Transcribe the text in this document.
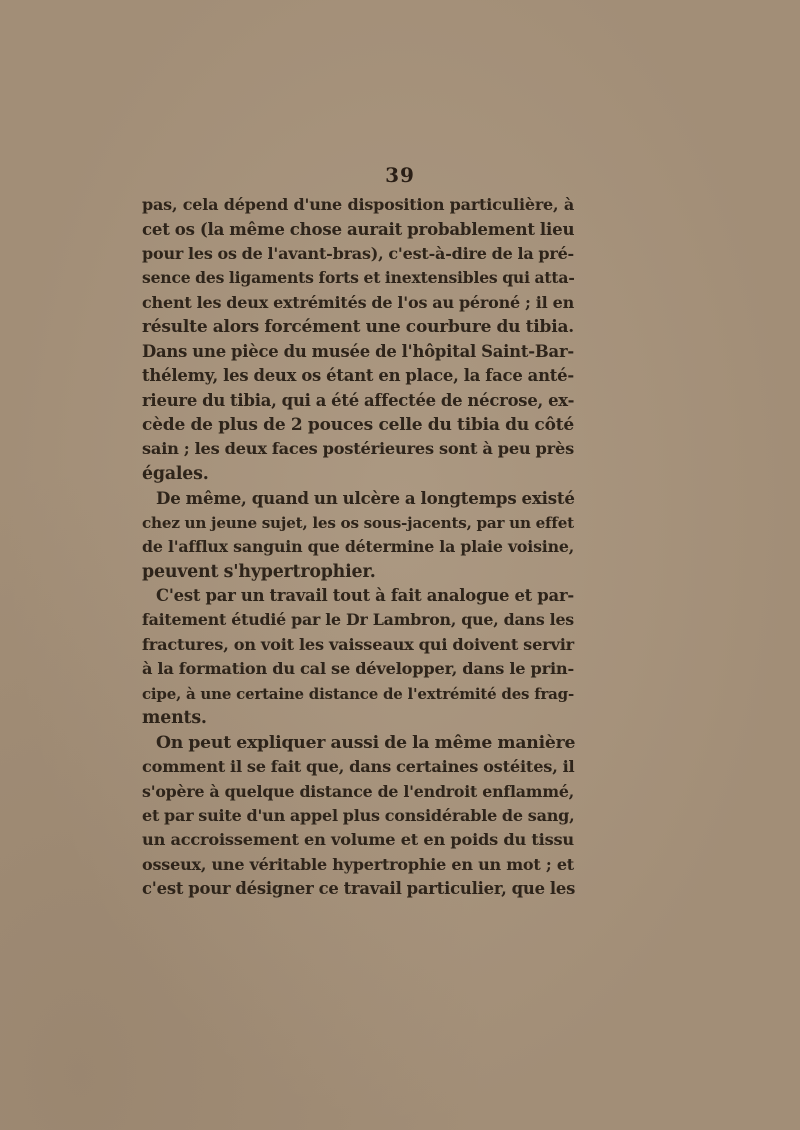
39
pas, cela dépend d'une disposition particulière, à
cet os (la même chose aurait probablement lieu
pour les os de l'avant-bras), c'est-à-dire de la pré-
sence des ligaments forts et inextensibles qui atta-
chent les deux extrémités de l'os au péroné ; il en
résulte alors forcément une courbure du tibia.
Dans une pièce du musée de l'hôpital Saint-Bar-
thélemy, les deux os étant en place, la face anté-
rieure du tibia, qui a été affectée de nécrose, ex-
cède de plus de 2 pouces celle du tibia du côté
sain ; les deux faces postérieures sont à peu près
égales.
De même, quand un ulcère a longtemps existé
chez un jeune sujet, les os sous-jacents, par un effet
de l'afflux sanguin que détermine la plaie voisine,
peuvent s'hypertrophier.
C'est par un travail tout à fait analogue et par-
faitement étudié par le Dr Lambron, que, dans les
fractures, on voit les vaisseaux qui doivent servir
à la formation du cal se développer, dans le prin-
cipe, à une certaine distance de l'extrémité des frag-
ments.
On peut expliquer aussi de la même manière
comment il se fait que, dans certaines ostéites, il
s'opère à quelque distance de l'endroit enflammé,
et par suite d'un appel plus considérable de sang,
un accroissement en volume et en poids du tissu
osseux, une véritable hypertrophie en un mot ; et
c'est pour désigner ce travail particulier, que les
